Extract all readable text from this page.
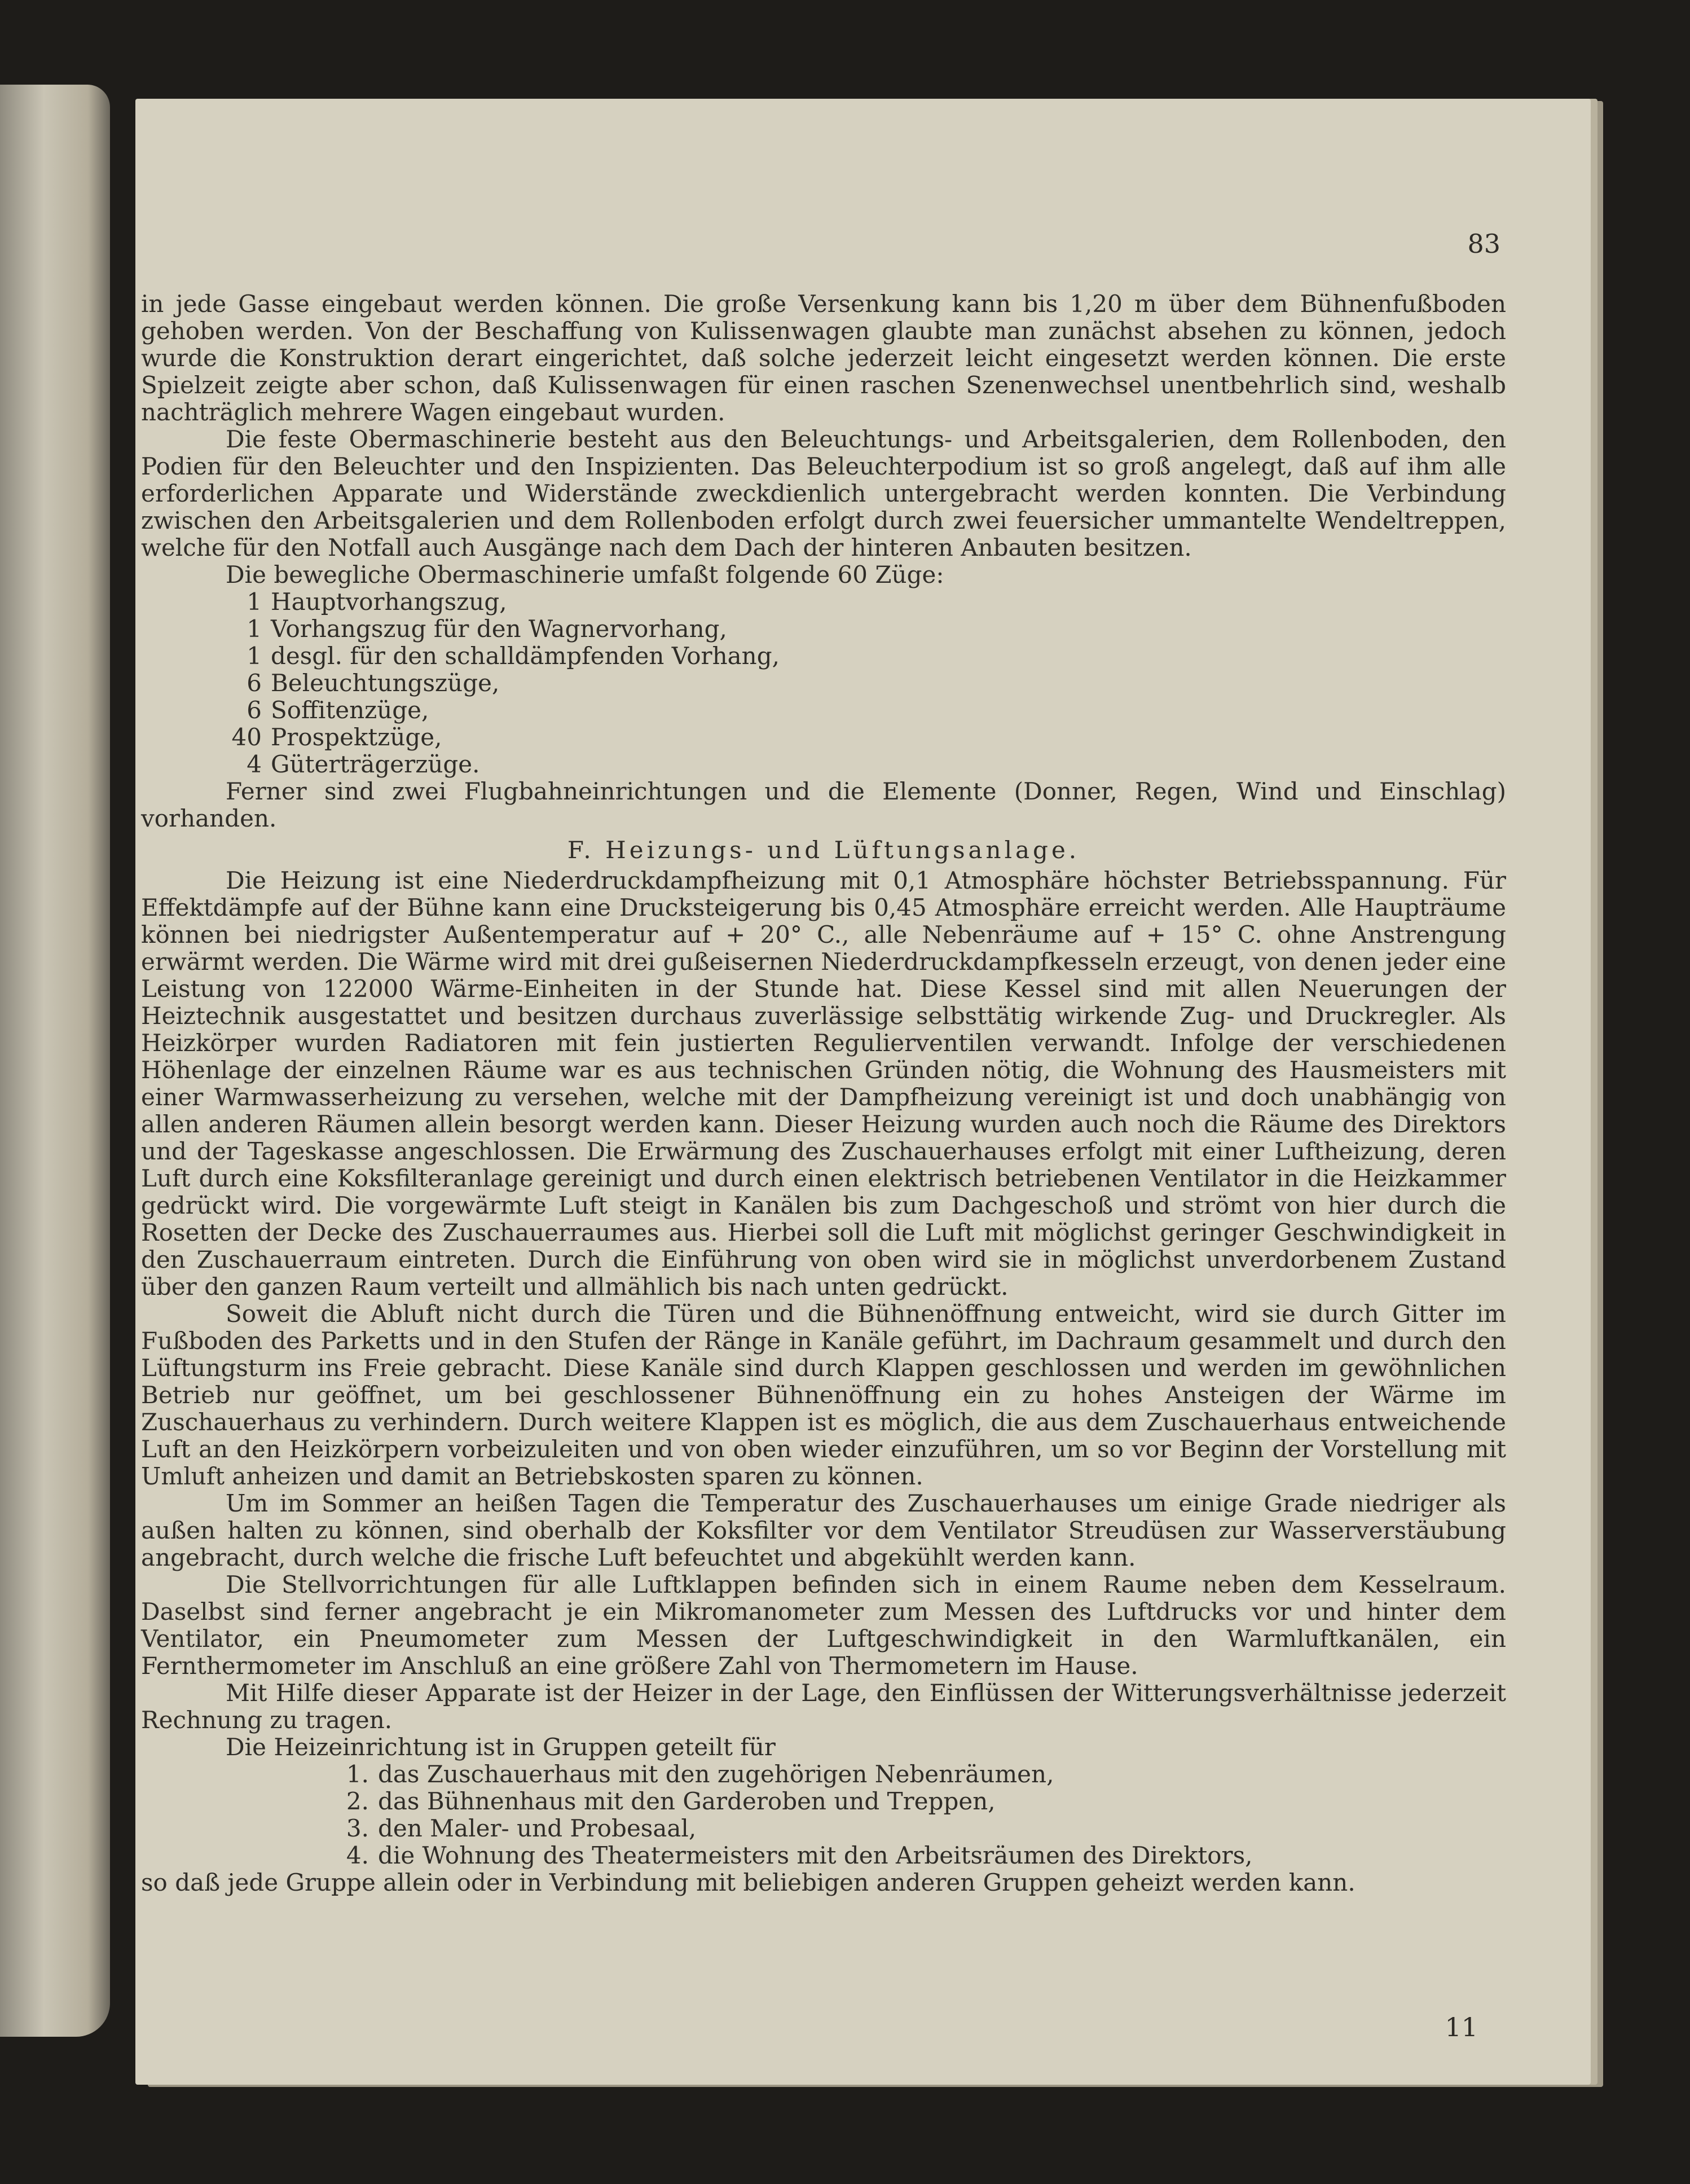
83

in jede Gasse eingebaut werden können. Die große Versenkung kann bis 1,20 m über dem Bühnenfußboden gehoben werden. Von der Beschaffung von Kulissenwagen glaubte man zunächst absehen zu können, jedoch wurde die Konstruktion derart eingerichtet, daß solche jederzeit leicht eingesetzt werden können. Die erste Spielzeit zeigte aber schon, daß Kulissenwagen für einen raschen Szenenwechsel unentbehrlich sind, weshalb nachträglich mehrere Wagen eingebaut wurden.

Die feste Obermaschinerie besteht aus den Beleuchtungs- und Arbeitsgalerien, dem Rollenboden, den Podien für den Beleuchter und den Inspizienten. Das Beleuchterpodium ist so groß angelegt, daß auf ihm alle erforderlichen Apparate und Widerstände zweckdienlich untergebracht werden konnten. Die Verbindung zwischen den Arbeitsgalerien und dem Rollenboden erfolgt durch zwei feuersicher ummantelte Wendeltreppen, welche für den Notfall auch Ausgänge nach dem Dach der hinteren Anbauten besitzen.

Die bewegliche Obermaschinerie umfaßt folgende 60 Züge:

1 Hauptvorhangszug,
1 Vorhangszug für den Wagnervorhang,
1 desgl. für den schalldämpfenden Vorhang,
6 Beleuchtungszüge,
6 Soffitenzüge,
40 Prospektzüge,
4 Güterträgerzüge.

Ferner sind zwei Flugbahneinrichtungen und die Elemente (Donner, Regen, Wind und Einschlag) vorhanden.

F. Heizungs- und Lüftungsanlage.

Die Heizung ist eine Niederdruckdampfheizung mit 0,1 Atmosphäre höchster Betriebsspannung. Für Effektdämpfe auf der Bühne kann eine Drucksteigerung bis 0,45 Atmosphäre erreicht werden. Alle Haupträume können bei niedrigster Außentemperatur auf + 20° C., alle Nebenräume auf + 15° C. ohne Anstrengung erwärmt werden. Die Wärme wird mit drei gußeisernen Niederdruckdampfkesseln erzeugt, von denen jeder eine Leistung von 122000 Wärme-Einheiten in der Stunde hat. Diese Kessel sind mit allen Neuerungen der Heiztechnik ausgestattet und besitzen durchaus zuverlässige selbsttätig wirkende Zug- und Druckregler. Als Heizkörper wurden Radiatoren mit fein justierten Regulierventilen verwandt. Infolge der verschiedenen Höhenlage der einzelnen Räume war es aus technischen Gründen nötig, die Wohnung des Hausmeisters mit einer Warmwasserheizung zu versehen, welche mit der Dampfheizung vereinigt ist und doch unabhängig von allen anderen Räumen allein besorgt werden kann. Dieser Heizung wurden auch noch die Räume des Direktors und der Tageskasse angeschlossen. Die Erwärmung des Zuschauerhauses erfolgt mit einer Luftheizung, deren Luft durch eine Koksfilteranlage gereinigt und durch einen elektrisch betriebenen Ventilator in die Heizkammer gedrückt wird. Die vorgewärmte Luft steigt in Kanälen bis zum Dachgeschoß und strömt von hier durch die Rosetten der Decke des Zuschauerraumes aus. Hierbei soll die Luft mit möglichst geringer Geschwindigkeit in den Zuschauerraum eintreten. Durch die Einführung von oben wird sie in möglichst unverdorbenem Zustand über den ganzen Raum verteilt und allmählich bis nach unten gedrückt.

Soweit die Abluft nicht durch die Türen und die Bühnenöffnung entweicht, wird sie durch Gitter im Fußboden des Parketts und in den Stufen der Ränge in Kanäle geführt, im Dachraum gesammelt und durch den Lüftungsturm ins Freie gebracht. Diese Kanäle sind durch Klappen geschlossen und werden im gewöhnlichen Betrieb nur geöffnet, um bei geschlossener Bühnenöffnung ein zu hohes Ansteigen der Wärme im Zuschauerhaus zu verhindern. Durch weitere Klappen ist es möglich, die aus dem Zuschauerhaus entweichende Luft an den Heizkörpern vorbeizuleiten und von oben wieder einzuführen, um so vor Beginn der Vorstellung mit Umluft anheizen und damit an Betriebskosten sparen zu können.

Um im Sommer an heißen Tagen die Temperatur des Zuschauerhauses um einige Grade niedriger als außen halten zu können, sind oberhalb der Koksfilter vor dem Ventilator Streudüsen zur Wasserverstäubung angebracht, durch welche die frische Luft befeuchtet und abgekühlt werden kann.

Die Stellvorrichtungen für alle Luftklappen befinden sich in einem Raume neben dem Kesselraum. Daselbst sind ferner angebracht je ein Mikromanometer zum Messen des Luftdrucks vor und hinter dem Ventilator, ein Pneumometer zum Messen der Luftgeschwindigkeit in den Warmluftkanälen, ein Fernthermometer im Anschluß an eine größere Zahl von Thermometern im Hause.

Mit Hilfe dieser Apparate ist der Heizer in der Lage, den Einflüssen der Witterungsverhältnisse jederzeit Rechnung zu tragen.

Die Heizeinrichtung ist in Gruppen geteilt für

1. das Zuschauerhaus mit den zugehörigen Nebenräumen,
2. das Bühnenhaus mit den Garderoben und Treppen,
3. den Maler- und Probesaal,
4. die Wohnung des Theatermeisters mit den Arbeitsräumen des Direktors,

so daß jede Gruppe allein oder in Verbindung mit beliebigen anderen Gruppen geheizt werden kann.

11
